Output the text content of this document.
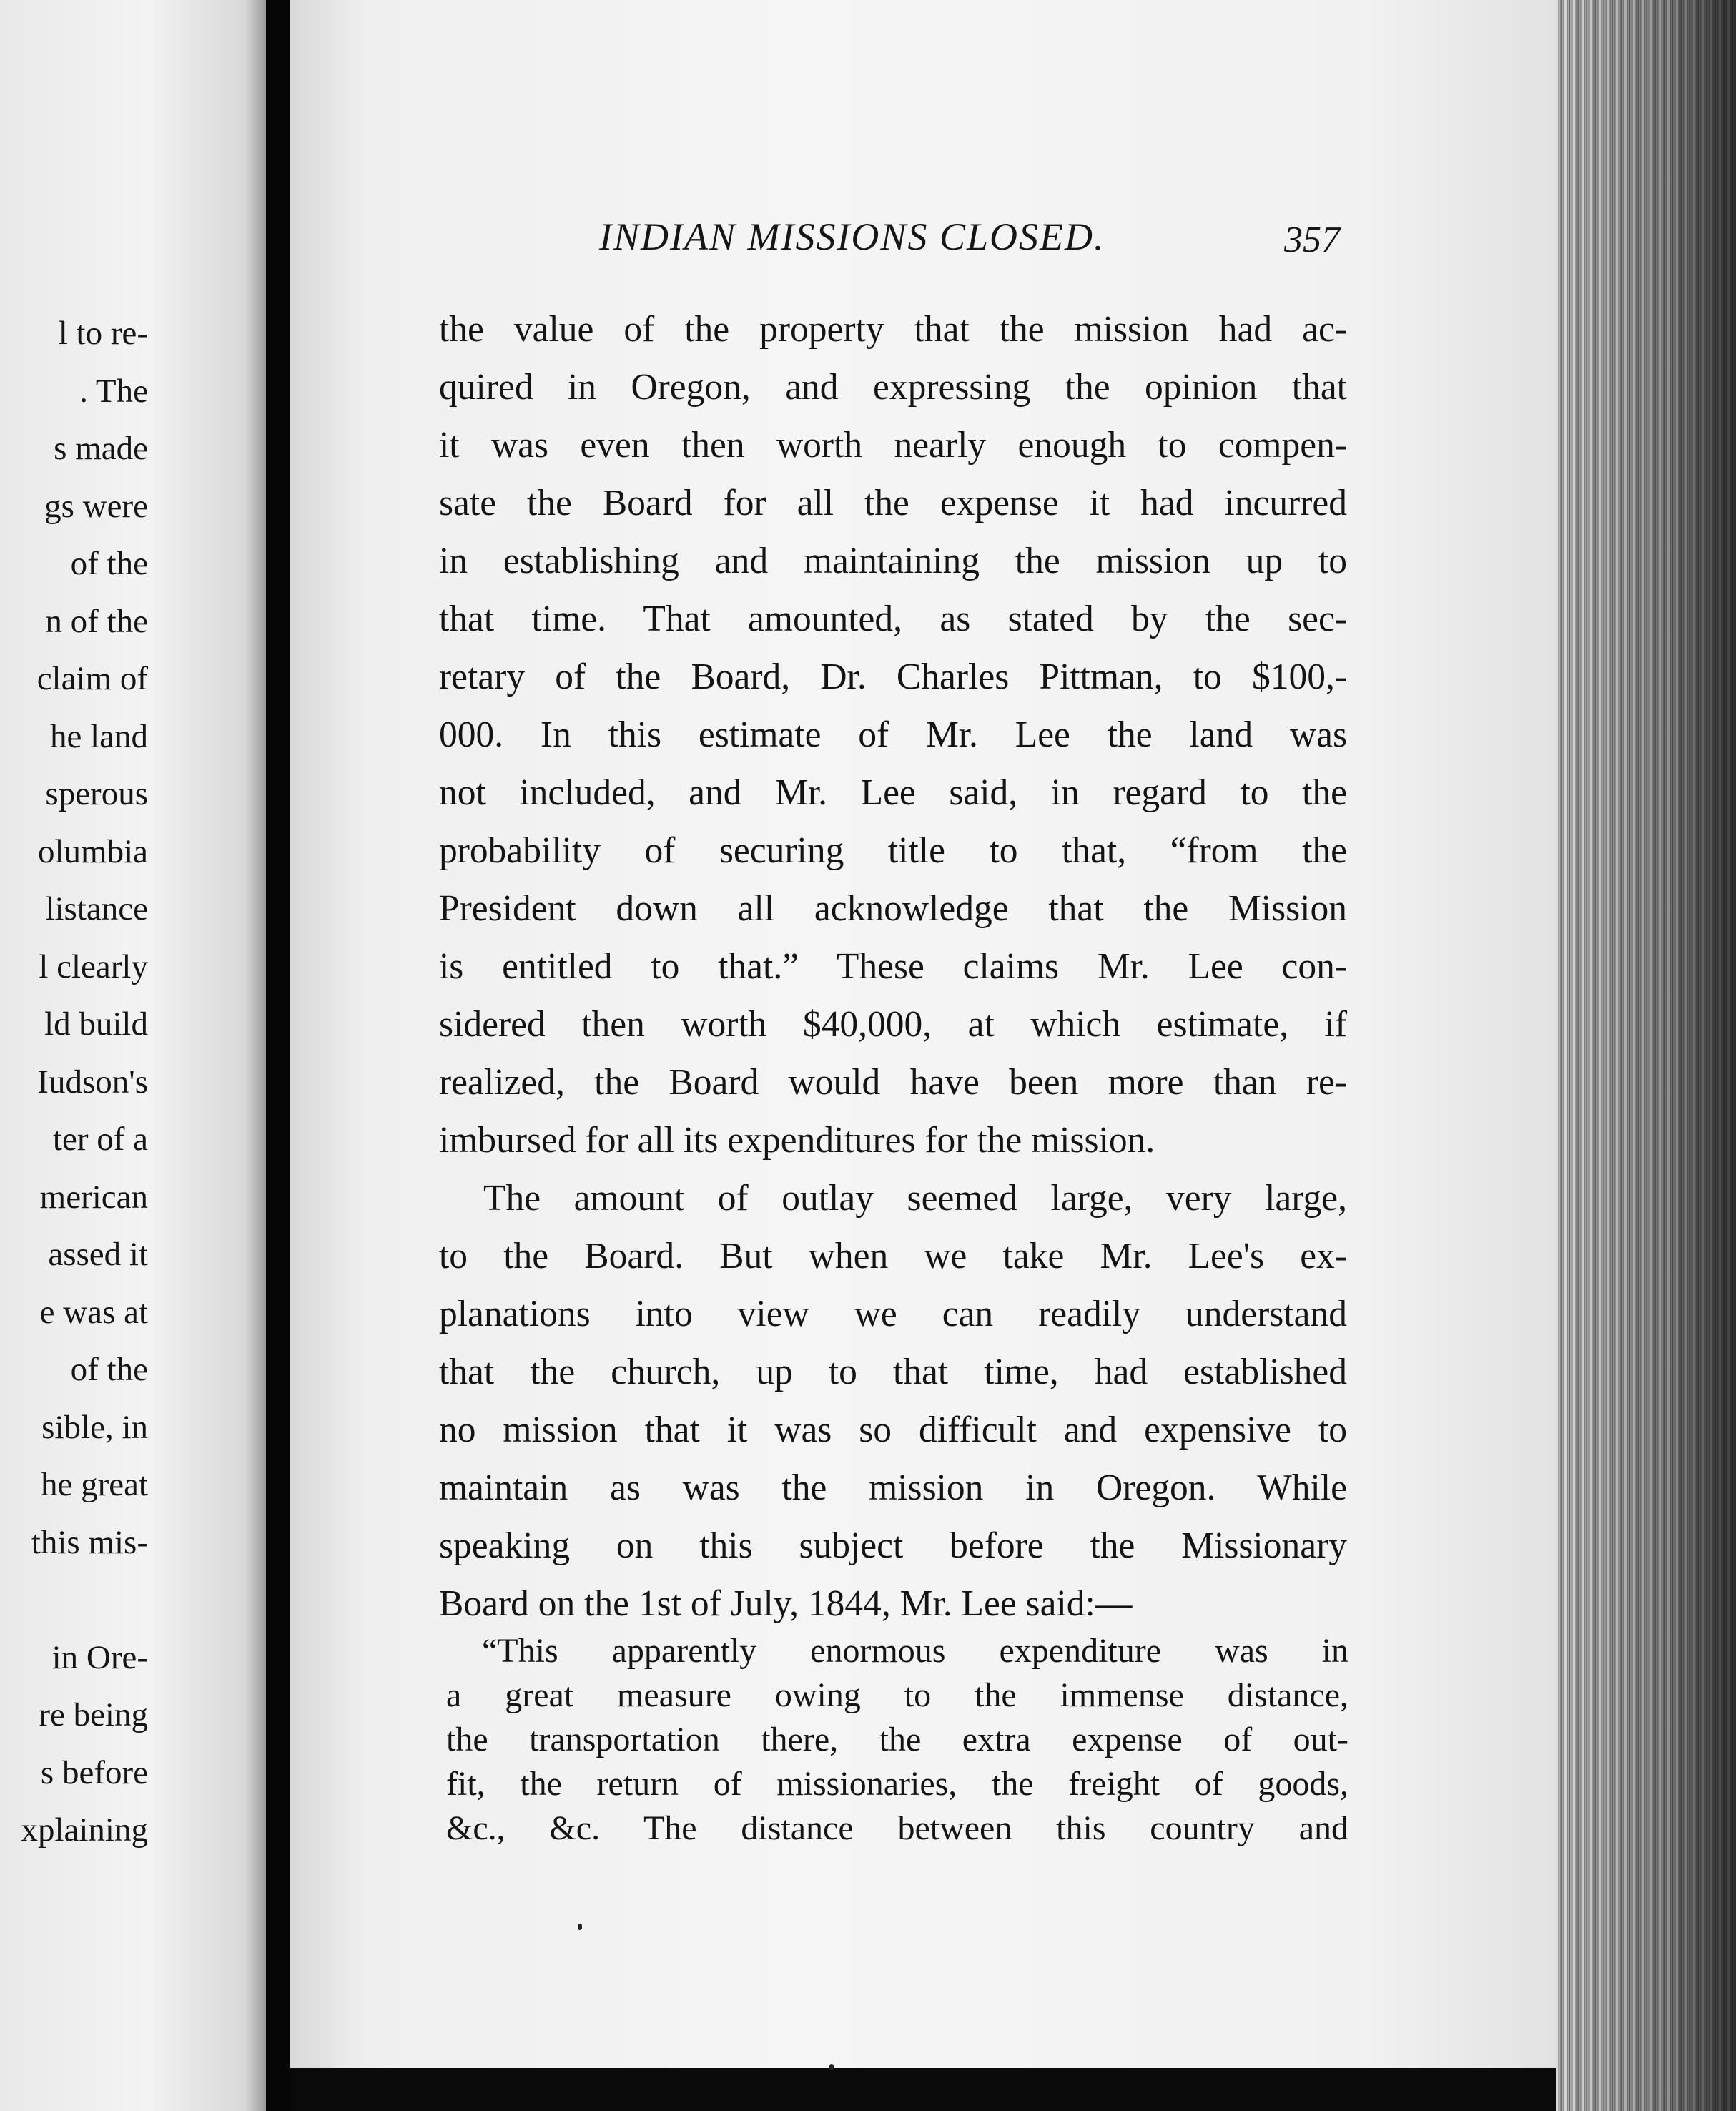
l to re-
. The
s made
gs were
of the
n of the
claim of
he land
sperous
olumbia
listance
l clearly
ld build
Iudson's
ter of a
merican
assed it
e was at
of the
sible, in
he great
this mis-
in Ore-
re being
s before
xplaining
INDIAN MISSIONS CLOSED.	357
the value of the property that the mission had ac-
quired in Oregon, and expressing the opinion that
it was even then worth nearly enough to compen-
sate the Board for all the expense it had incurred
in establishing and maintaining the mission up to
that time. That amounted, as stated by the sec-
retary of the Board, Dr. Charles Pittman, to $100,-
000. In this estimate of Mr. Lee the land was
not included, and Mr. Lee said, in regard to the
probability of securing title to that, “from the
President down all acknowledge that the Mission
is entitled to that.” These claims Mr. Lee con-
sidered then worth $40,000, at which estimate, if
realized, the Board would have been more than re-
imbursed for all its expenditures for the mission.
The amount of outlay seemed large, very large,
to the Board. But when we take Mr. Lee's ex-
planations into view we can readily understand
that the church, up to that time, had established
no mission that it was so difficult and expensive to
maintain as was the mission in Oregon. While
speaking on this subject before the Missionary
Board on the 1st of July, 1844, Mr. Lee said:—
“This apparently enormous expenditure was in
a great measure owing to the immense distance,
the transportation there, the extra expense of out-
fit, the return of missionaries, the freight of goods,
&c., &c. The distance between this country and
